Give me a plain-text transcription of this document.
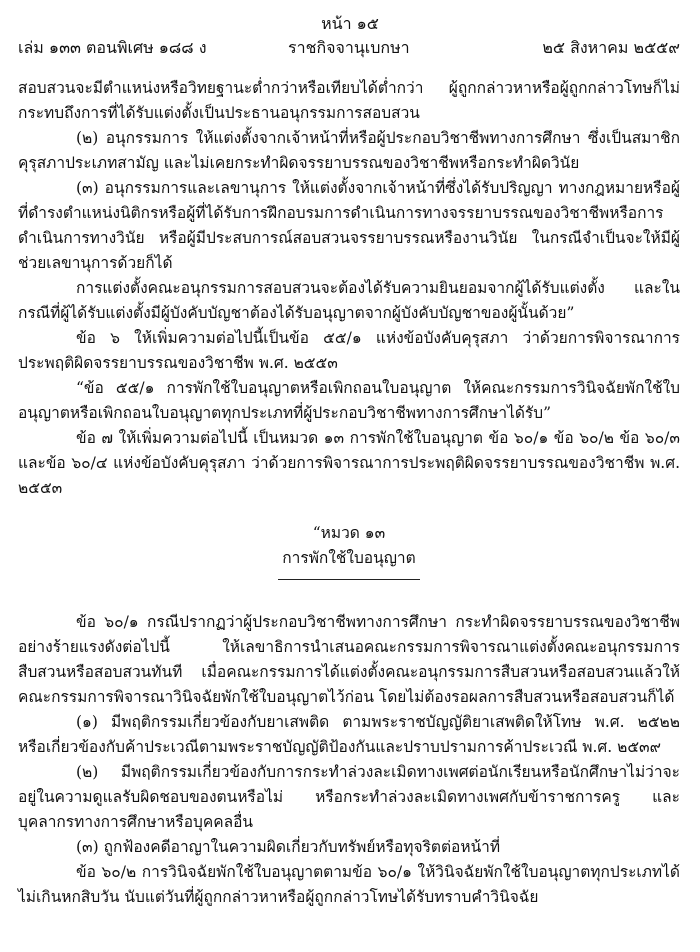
หน้า ๑๕
เล่ม ๑๓๓ ตอนพิเศษ ๑๘๘ ง	ราชกิจจานุเบกษา	๒๕ สิงหาคม ๒๕๕๙

สอบสวนจะมีตำแหน่งหรือวิทยฐานะต่ำกว่าหรือเทียบได้ต่ำกว่า ผู้ถูกกล่าวหาหรือผู้ถูกกล่าวโทษก็ไม่กระทบถึงการที่ได้รับแต่งตั้งเป็นประธานอนุกรรมการสอบสวน

(๒) อนุกรรมการ ให้แต่งตั้งจากเจ้าหน้าที่หรือผู้ประกอบวิชาชีพทางการศึกษา ซึ่งเป็นสมาชิกคุรุสภาประเภทสามัญ และไม่เคยกระทำผิดจรรยาบรรณของวิชาชีพหรือกระทำผิดวินัย

(๓) อนุกรรมการและเลขานุการ ให้แต่งตั้งจากเจ้าหน้าที่ซึ่งได้รับปริญญา ทางกฎหมายหรือผู้ที่ดำรงตำแหน่งนิติกรหรือผู้ที่ได้รับการฝึกอบรมการดำเนินการทางจรรยาบรรณของวิชาชีพหรือการดำเนินการทางวินัย หรือผู้มีประสบการณ์สอบสวนจรรยาบรรณหรืองานวินัย ในกรณีจำเป็นจะให้มีผู้ช่วยเลขานุการด้วยก็ได้

การแต่งตั้งคณะอนุกรรมการสอบสวนจะต้องได้รับความยินยอมจากผู้ได้รับแต่งตั้ง และในกรณีที่ผู้ได้รับแต่งตั้งมีผู้บังคับบัญชาต้องได้รับอนุญาตจากผู้บังคับบัญชาของผู้นั้นด้วย”

ข้อ ๖ ให้เพิ่มความต่อไปนี้เป็นข้อ ๕๕/๑ แห่งข้อบังคับคุรุสภา ว่าด้วยการพิจารณาการประพฤติผิดจรรยาบรรณของวิชาชีพ พ.ศ. ๒๕๕๓

“ข้อ ๕๕/๑ การพักใช้ใบอนุญาตหรือเพิกถอนใบอนุญาต ให้คณะกรรมการวินิจฉัยพักใช้ใบอนุญาตหรือเพิกถอนใบอนุญาตทุกประเภทที่ผู้ประกอบวิชาชีพทางการศึกษาได้รับ”

ข้อ ๗ ให้เพิ่มความต่อไปนี้ เป็นหมวด ๑๓ การพักใช้ใบอนุญาต ข้อ ๖๐/๑ ข้อ ๖๐/๒ ข้อ ๖๐/๓ และข้อ ๖๐/๔ แห่งข้อบังคับคุรุสภา ว่าด้วยการพิจารณาการประพฤติผิดจรรยาบรรณของวิชาชีพ พ.ศ. ๒๕๕๓

“หมวด ๑๓

การพักใช้ใบอนุญาต

ข้อ ๖๐/๑ กรณีปรากฏว่าผู้ประกอบวิชาชีพทางการศึกษา กระทำผิดจรรยาบรรณของวิชาชีพอย่างร้ายแรงดังต่อไปนี้ ให้เลขาธิการนำเสนอคณะกรรมการพิจารณาแต่งตั้งคณะอนุกรรมการสืบสวนหรือสอบสวนทันที เมื่อคณะกรรมการได้แต่งตั้งคณะอนุกรรมการสืบสวนหรือสอบสวนแล้วให้คณะกรรมการพิจารณาวินิจฉัยพักใช้ใบอนุญาตไว้ก่อน โดยไม่ต้องรอผลการสืบสวนหรือสอบสวนก็ได้

(๑) มีพฤติกรรมเกี่ยวข้องกับยาเสพติด ตามพระราชบัญญัติยาเสพติดให้โทษ พ.ศ. ๒๕๒๒ หรือเกี่ยวข้องกับค้าประเวณีตามพระราชบัญญัติป้องกันและปราบปรามการค้าประเวณี พ.ศ. ๒๕๓๙

(๒) มีพฤติกรรมเกี่ยวข้องกับการกระทำล่วงละเมิดทางเพศต่อนักเรียนหรือนักศึกษาไม่ว่าจะอยู่ในความดูแลรับผิดชอบของตนหรือไม่ หรือกระทำล่วงละเมิดทางเพศกับข้าราชการครู และบุคลากรทางการศึกษาหรือบุคคลอื่น

(๓) ถูกฟ้องคดีอาญาในความผิดเกี่ยวกับทรัพย์หรือทุจริตต่อหน้าที่

ข้อ ๖๐/๒ การวินิจฉัยพักใช้ใบอนุญาตตามข้อ ๖๐/๑ ให้วินิจฉัยพักใช้ใบอนุญาตทุกประเภทได้ไม่เกินหกสิบวัน นับแต่วันที่ผู้ถูกกล่าวหาหรือผู้ถูกกล่าวโทษได้รับทราบคำวินิจฉัย
